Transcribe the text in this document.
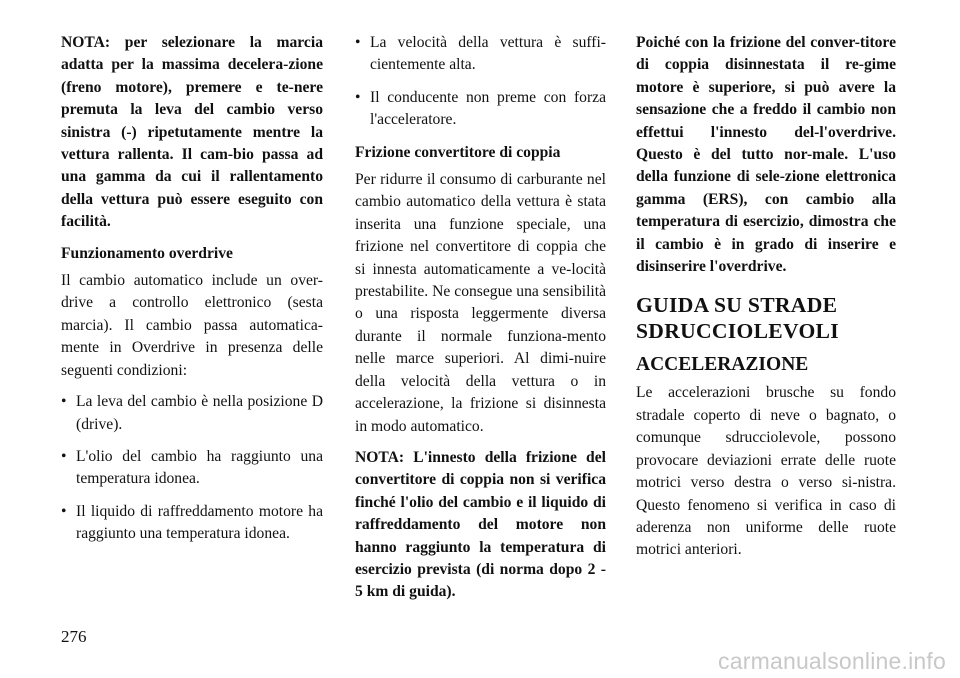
NOTA: per selezionare la marcia adatta per la massima decelera-zione (freno motore), premere e te-nere premuta la leva del cambio verso sinistra (-) ripetutamente mentre la vettura rallenta. Il cam-bio passa ad una gamma da cui il rallentamento della vettura può essere eseguito con facilità.

Funzionamento overdrive

Il cambio automatico include un over-drive a controllo elettronico (sesta marcia). Il cambio passa automatica-mente in Overdrive in presenza delle seguenti condizioni:

• La leva del cambio è nella posizione D (drive).
• L'olio del cambio ha raggiunto una temperatura idonea.
• Il liquido di raffreddamento motore ha raggiunto una temperatura idonea.
• La velocità della vettura è suffi-cientemente alta.
• Il conducente non preme con forza l'acceleratore.

Frizione convertitore di coppia

Per ridurre il consumo di carburante nel cambio automatico della vettura è stata inserita una funzione speciale, una frizione nel convertitore di coppia che si innesta automaticamente a ve-locità prestabilite. Ne consegue una sensibilità o una risposta leggermente diversa durante il normale funziona-mento nelle marce superiori. Al dimi-nuire della velocità della vettura o in accelerazione, la frizione si disinnesta in modo automatico.

NOTA: L'innesto della frizione del convertitore di coppia non si verifica finché l'olio del cambio e il liquido di raffreddamento del motore non hanno raggiunto la temperatura di esercizio prevista (di norma dopo 2 - 5 km di guida).

Poiché con la frizione del conver-titore di coppia disinnestata il re-gime motore è superiore, si può avere la sensazione che a freddo il cambio non effettui l'innesto del-l'overdrive. Questo è del tutto nor-male. L'uso della funzione di sele-zione elettronica gamma (ERS), con cambio alla temperatura di esercizio, dimostra che il cambio è in grado di inserire e disinserire l'overdrive.

GUIDA SU STRADE SDRUCCIOLEVOLI
ACCELERAZIONE

Le accelerazioni brusche su fondo stradale coperto di neve o bagnato, o comunque sdrucciolevole, possono provocare deviazioni errate delle ruote motrici verso destra o verso si-nistra. Questo fenomeno si verifica in caso di aderenza non uniforme delle ruote motrici anteriori.

276
carmanualsonline.info
